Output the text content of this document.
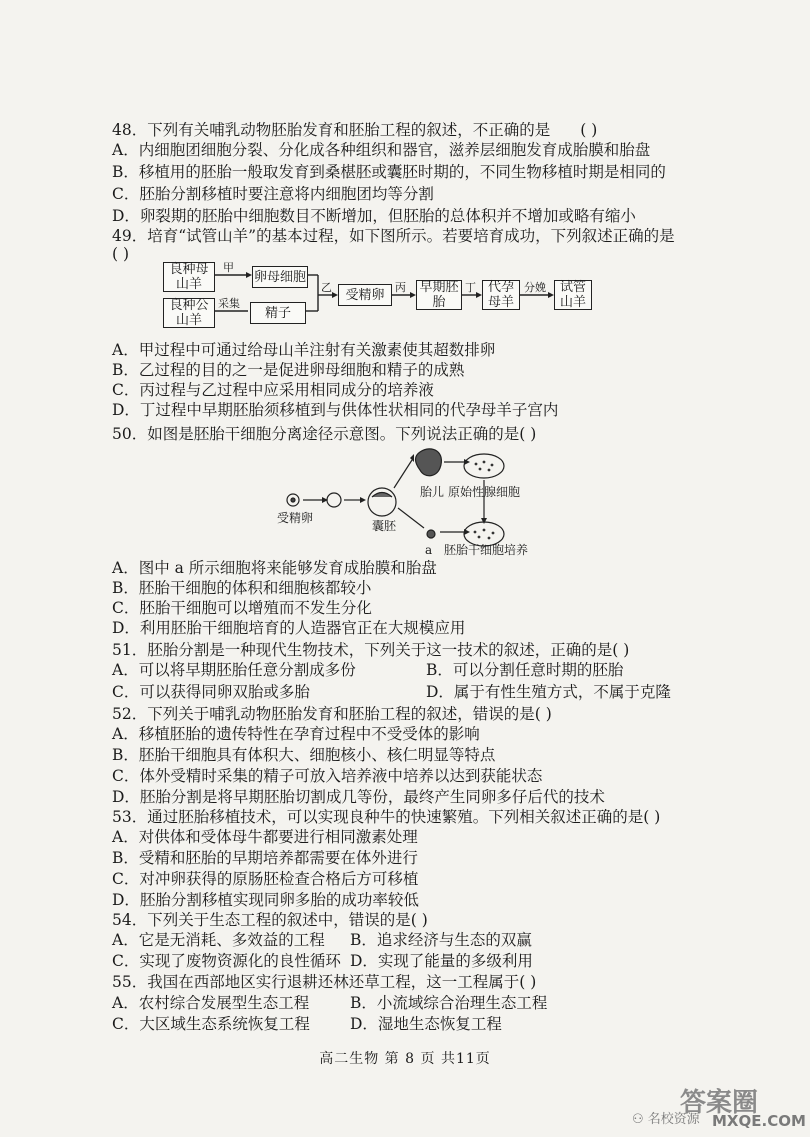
48．下列有关哺乳动物胚胎发育和胚胎工程的叙述，不正确的是 ( )
A．内细胞团细胞分裂、分化成各种组织和器官，滋养层细胞发育成胎膜和胎盘
B．移植用的胚胎一般取发育到桑椹胚或囊胚时期的，不同生物移植时期是相同的
C．胚胎分割移植时要注意将内细胞团均等分割
D．卵裂期的胚胎中细胞数目不断增加，但胚胎的总体积并不增加或略有缩小
49．培育“试管山羊”的基本过程，如下图所示。若要培育成功，下列叙述正确的是
( )
良种母山羊
良种公山羊
卵母细胞
精子
受精卵	早期胚胎
代孕母羊
试管山羊
甲
采集
乙	丙	丁	分娩
A．甲过程中可通过给母山羊注射有关激素使其超数排卵
B．乙过程的目的之一是促进卵母细胞和精子的成熟
C．丙过程与乙过程中应采用相同成分的培养液
D．丁过程中早期胚胎须移植到与供体性状相同的代孕母羊子宫内
50．如图是胚胎干细胞分离途径示意图。下列说法正确的是( )
受精卵
囊胚
胎儿 原始性腺细胞
a 胚胎干细胞培养
A．图中 a 所示细胞将来能够发育成胎膜和胎盘
B．胚胎干细胞的体积和细胞核都较小
C．胚胎干细胞可以增殖而不发生分化
D．利用胚胎干细胞培育的人造器官正在大规模应用
51．胚胎分割是一种现代生物技术，下列关于这一技术的叙述，正确的是( )
A．可以将早期胚胎任意分割成多份	B．可以分割任意时期的胚胎
C．可以获得同卵双胎或多胎	D．属于有性生殖方式，不属于克隆
52．下列关于哺乳动物胚胎发育和胚胎工程的叙述，错误的是( )
A．移植胚胎的遗传特性在孕育过程中不受受体的影响
B．胚胎干细胞具有体积大、细胞核小、核仁明显等特点
C．体外受精时采集的精子可放入培养液中培养以达到获能状态
D．胚胎分割是将早期胚胎切割成几等份，最终产生同卵多仔后代的技术
53．通过胚胎移植技术，可以实现良种牛的快速繁殖。下列相关叙述正确的是( )
A．对供体和受体母牛都要进行相同激素处理
B．受精和胚胎的早期培养都需要在体外进行
C．对冲卵获得的原肠胚检查合格后方可移植
D．胚胎分割移植实现同卵多胎的成功率较低
54．下列关于生态工程的叙述中，错误的是( )
A．它是无消耗、多效益的工程 B．追求经济与生态的双赢
C．实现了废物资源化的良性循环 D．实现了能量的多级利用
55．我国在西部地区实行退耕还林还草工程，这一工程属于( )
A．农村综合发展型生态工程	B．小流域综合治理生态工程
C．大区域生态系统恢复工程	D．湿地生态恢复工程
高二生物 第 8 页 共11页
答案圈
⚇ 名校资源 MXQE.COM
